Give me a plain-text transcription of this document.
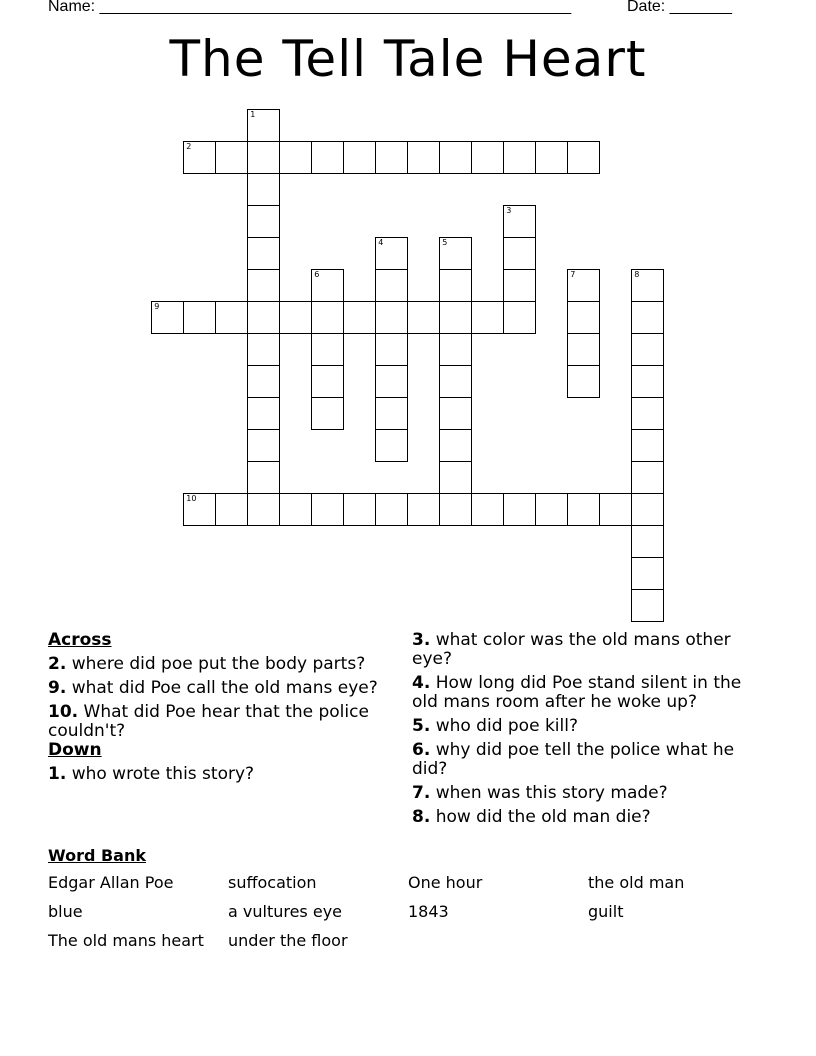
Name: _____________________________________________________	Date: _______
The Tell Tale Heart
1
2
3
4	5
6	7	8
9
10
Across
2. where did poe put the body parts?
9. what did Poe call the old mans eye?
10. What did Poe hear that the police couldn't?
Down
1. who wrote this story?
3. what color was the old mans other eye?
4. How long did Poe stand silent in the old mans room after he woke up?
5. who did poe kill?
6. why did poe tell the police what he did?
7. when was this story made?
8. how did the old man die?
Word Bank
Edgar Allan Poe	suffocation	One hour	the old man
blue	a vultures eye	1843	guilt
The old mans heart	under the floor
